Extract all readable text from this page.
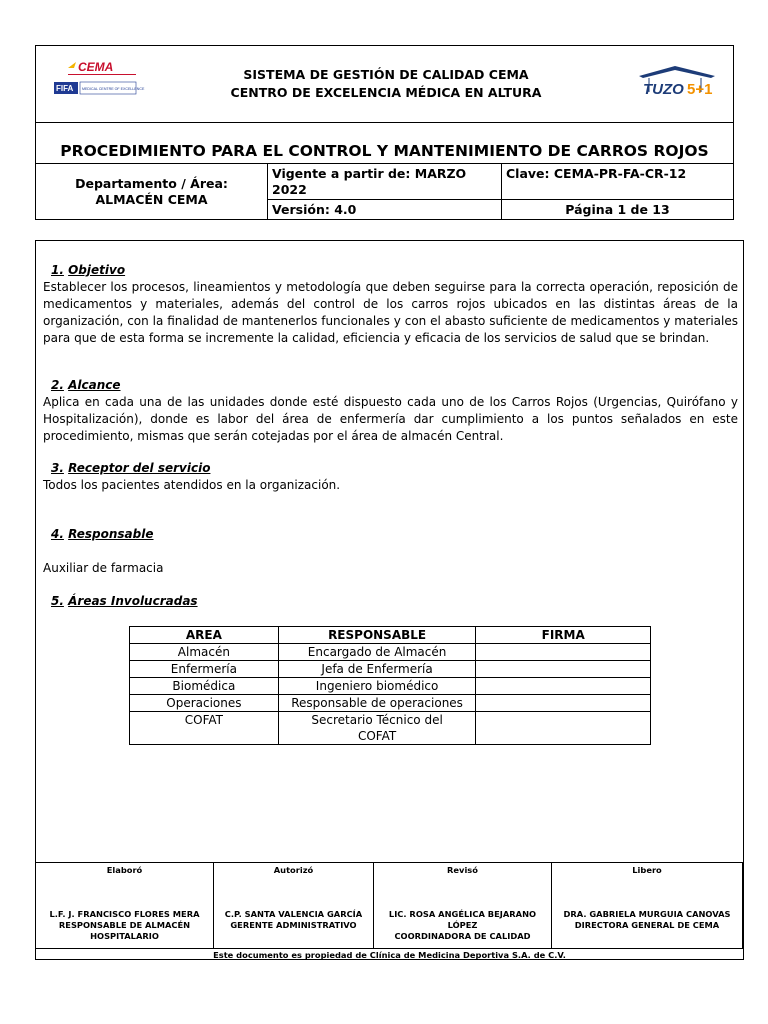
CEMA
FIFA MEDICAL CENTRE OF EXCELLENCE
SISTEMA DE GESTIÓN DE CALIDAD CEMA
CENTRO DE EXCELENCIA MÉDICA EN ALTURA	TUZO 5+1
PROCEDIMIENTO PARA EL CONTROL Y MANTENIMIENTO DE CARROS ROJOS
Departamento / Área:
ALMACÉN CEMA
Vigente a partir de: MARZO 2022
Clave: CEMA-PR-FA-CR-12
Versión: 4.0	Página 1 de 13
1. Objetivo
Establecer los procesos, lineamientos y metodología que deben seguirse para la correcta operación, reposición de medicamentos y materiales, además del control de los carros rojos ubicados en las distintas áreas de la organización, con la finalidad de mantenerlos funcionales y con el abasto suficiente de medicamentos y materiales para que de esta forma se incremente la calidad, eficiencia y eficacia de los servicios de salud que se brindan.
2. Alcance
Aplica en cada una de las unidades donde esté dispuesto cada uno de los Carros Rojos (Urgencias, Quirófano y Hospitalización), donde es labor del área de enfermería dar cumplimiento a los puntos señalados en este procedimiento, mismas que serán cotejadas por el área de almacén Central.
3. Receptor del servicio
Todos los pacientes atendidos en la organización.
4. Responsable
Auxiliar de farmacia
5. Áreas Involucradas
AREA	RESPONSABLE	FIRMA
Almacén	Encargado de Almacén	
Enfermería	Jefa de Enfermería	
Biomédica	Ingeniero biomédico	
Operaciones	Responsable de operaciones	
COFAT	Secretario Técnico del COFAT	
Elaboró
L.F. J. FRANCISCO FLORES MERA
RESPONSABLE DE ALMACÉN HOSPITALARIO
Autorizó
C.P. SANTA VALENCIA GARCÍA
GERENTE ADMINISTRATIVO
Revisó
LIC. ROSA ANGÉLICA BEJARANO LÓPEZ
COORDINADORA DE CALIDAD
Libero
DRA. GABRIELA MURGUIA CANOVAS
DIRECTORA GENERAL DE CEMA
Este documento es propiedad de Clínica de Medicina Deportiva S.A. de C.V.
